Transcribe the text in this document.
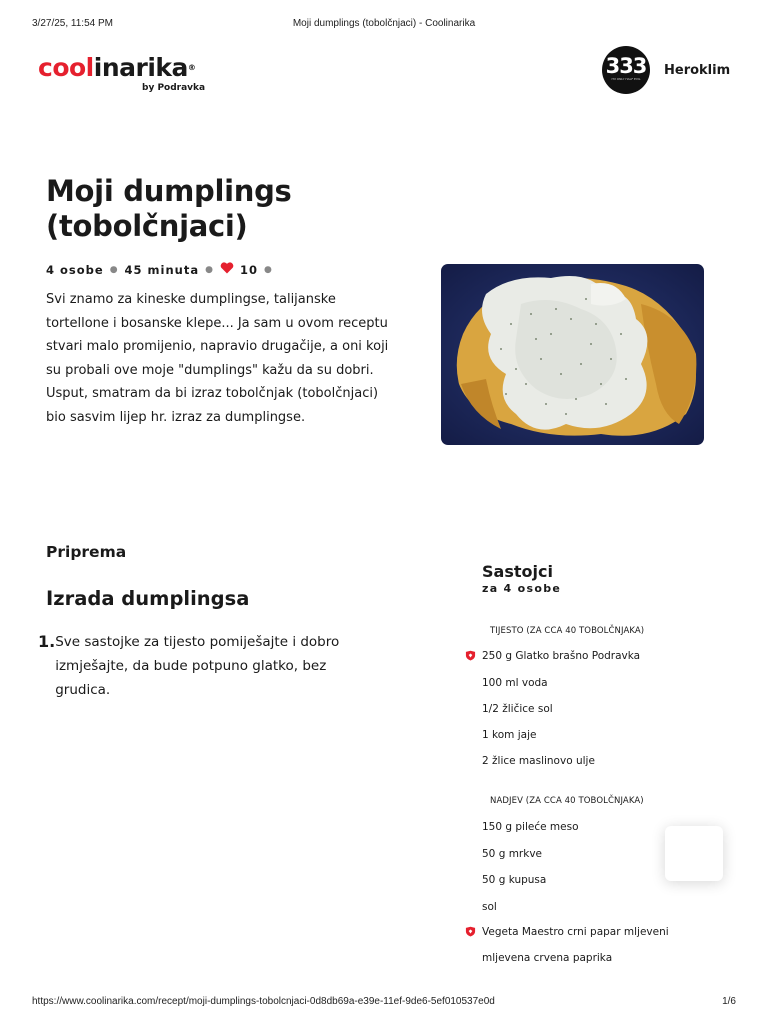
3/27/25, 11:54 PM	Moji dumplings (tobolčnjaci) - Coolinarika
coolinarika®
by Podravka
333
I'M ONLY HALF EVIL
Heroklim
Moji dumplings (tobolčnjaci)
4 osobe ● 45 minuta ● 10 ●

Svi znamo za kineske dumplingse, talijanske tortellone i bosanske klepe... Ja sam u ovom receptu stvari malo promijenio, napravio drugačije, a oni koji su probali ove moje "dumplings" kažu da su dobri. Usput, smatram da bi izraz tobolčnjak (tobolčnjaci) bio sasvim lijep hr. izraz za dumplingse.

Priprema
Izrada dumplingsa
1. Sve sastojke za tijesto pomiješajte i dobro izmješajte, da bude potpuno glatko, bez grudica.
Sastojci
za 4 osobe
TIJESTO (ZA CCA 40 TOBOLČNJAKA)
250 g Glatko brašno Podravka
100 ml voda
1/2 žličice sol
1 kom jaje
2 žlice maslinovo ulje
NADJEV (ZA CCA 40 TOBOLČNJAKA)
150 g pileće meso
50 g mrkve
50 g kupusa
sol
Vegeta Maestro crni papar mljeveni
mljevena crvena paprika
https://www.coolinarika.com/recept/moji-dumplings-tobolcnjaci-0d8db69a-e39e-11ef-9de6-5ef010537e0d	1/6
